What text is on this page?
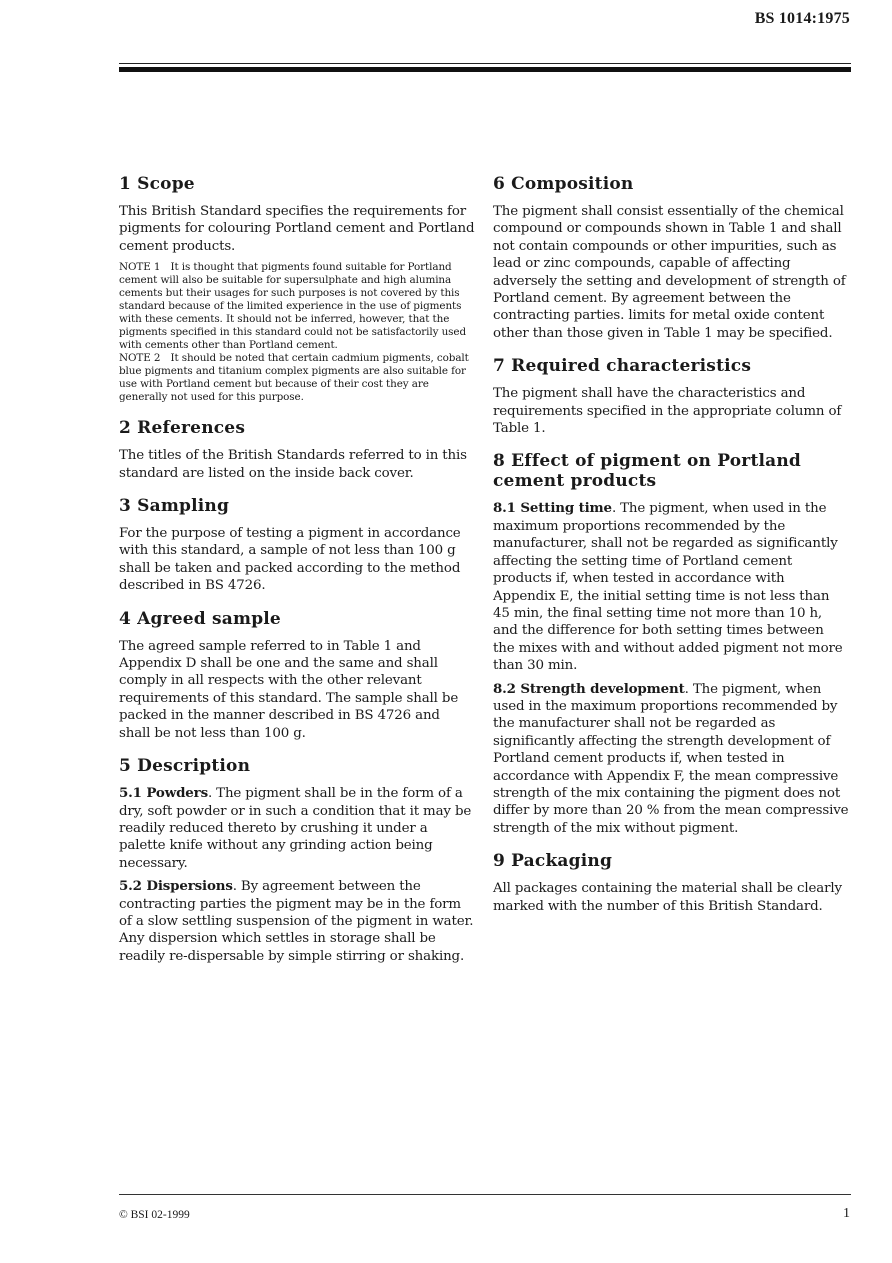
BS 1014:1975
1 Scope

This British Standard specifies the requirements for pigments for colouring Portland cement and Portland cement products.

NOTE 1 It is thought that pigments found suitable for Portland cement will also be suitable for supersulphate and high alumina cements but their usages for such purposes is not covered by this standard because of the limited experience in the use of pigments with these cements. It should not be inferred, however, that the pigments specified in this standard could not be satisfactorily used with cements other than Portland cement.
NOTE 2 It should be noted that certain cadmium pigments, cobalt blue pigments and titanium complex pigments are also suitable for use with Portland cement but because of their cost they are generally not used for this purpose.
2 References

The titles of the British Standards referred to in this standard are listed on the inside back cover.

3 Sampling

For the purpose of testing a pigment in accordance with this standard, a sample of not less than 100 g shall be taken and packed according to the method described in BS 4726.

4 Agreed sample

The agreed sample referred to in Table 1 and Appendix D shall be one and the same and shall comply in all respects with the other relevant requirements of this standard. The sample shall be packed in the manner described in BS 4726 and shall be not less than 100 g.

5 Description

5.1 Powders. The pigment shall be in the form of a dry, soft powder or in such a condition that it may be readily reduced thereto by crushing it under a palette knife without any grinding action being necessary.

5.2 Dispersions. By agreement between the contracting parties the pigment may be in the form of a slow settling suspension of the pigment in water. Any dispersion which settles in storage shall be readily re-dispersable by simple stirring or shaking.

6 Composition

The pigment shall consist essentially of the chemical compound or compounds shown in Table 1 and shall not contain compounds or other impurities, such as lead or zinc compounds, capable of affecting adversely the setting and development of strength of Portland cement. By agreement between the contracting parties. limits for metal oxide content other than those given in Table 1 may be specified.

7 Required characteristics

The pigment shall have the characteristics and requirements specified in the appropriate column of Table 1.

8 Effect of pigment on Portland cement products

8.1 Setting time. The pigment, when used in the maximum proportions recommended by the manufacturer, shall not be regarded as significantly affecting the setting time of Portland cement products if, when tested in accordance with Appendix E, the initial setting time is not less than 45 min, the final setting time not more than 10 h, and the difference for both setting times between the mixes with and without added pigment not more than 30 min.

8.2 Strength development. The pigment, when used in the maximum proportions recommended by the manufacturer shall not be regarded as significantly affecting the strength development of Portland cement products if, when tested in accordance with Appendix F, the mean compressive strength of the mix containing the pigment does not differ by more than 20 % from the mean compressive strength of the mix without pigment.

9 Packaging

All packages containing the material shall be clearly marked with the number of this British Standard.

© BSI 02-1999	1
